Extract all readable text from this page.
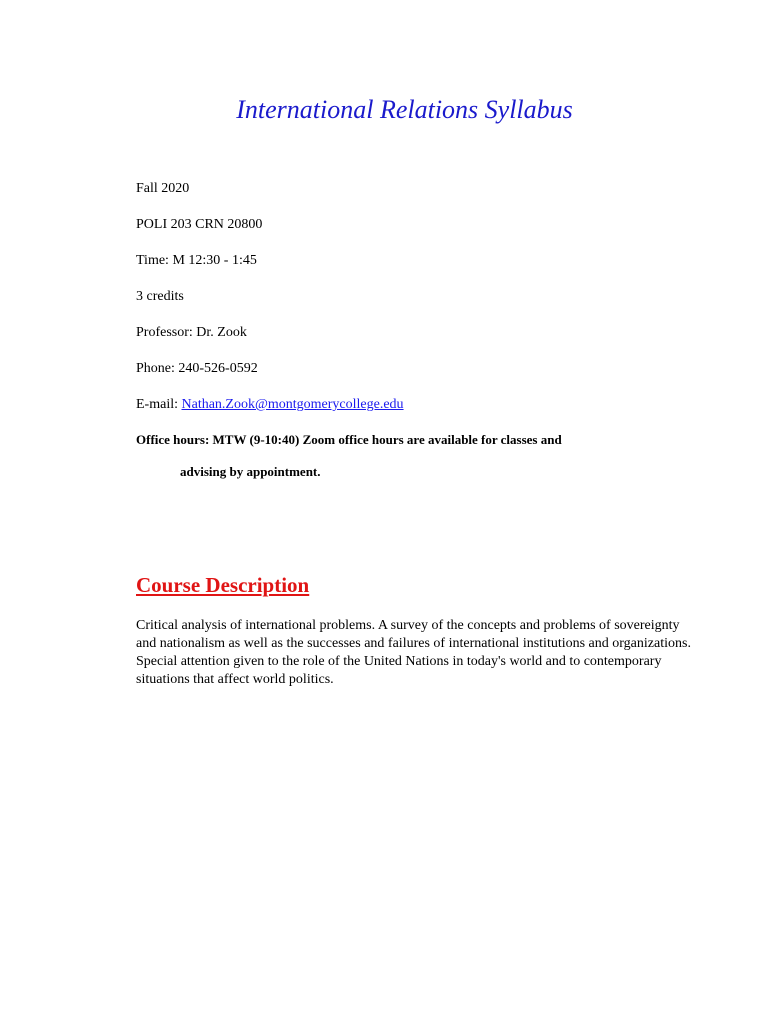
International Relations Syllabus
Fall 2020
POLI 203 CRN 20800
Time: M 12:30 - 1:45
3 credits
Professor: Dr. Zook
Phone: 240-526-0592
E-mail: Nathan.Zook@montgomerycollege.edu
Office hours: MTW (9-10:40) Zoom office hours are available for classes and
advising by appointment.
Course Description
Critical analysis of international problems. A survey of the concepts and problems of sovereignty and nationalism as well as the successes and failures of international institutions and organizations. Special attention given to the role of the United Nations in today's world and to contemporary situations that affect world politics.
